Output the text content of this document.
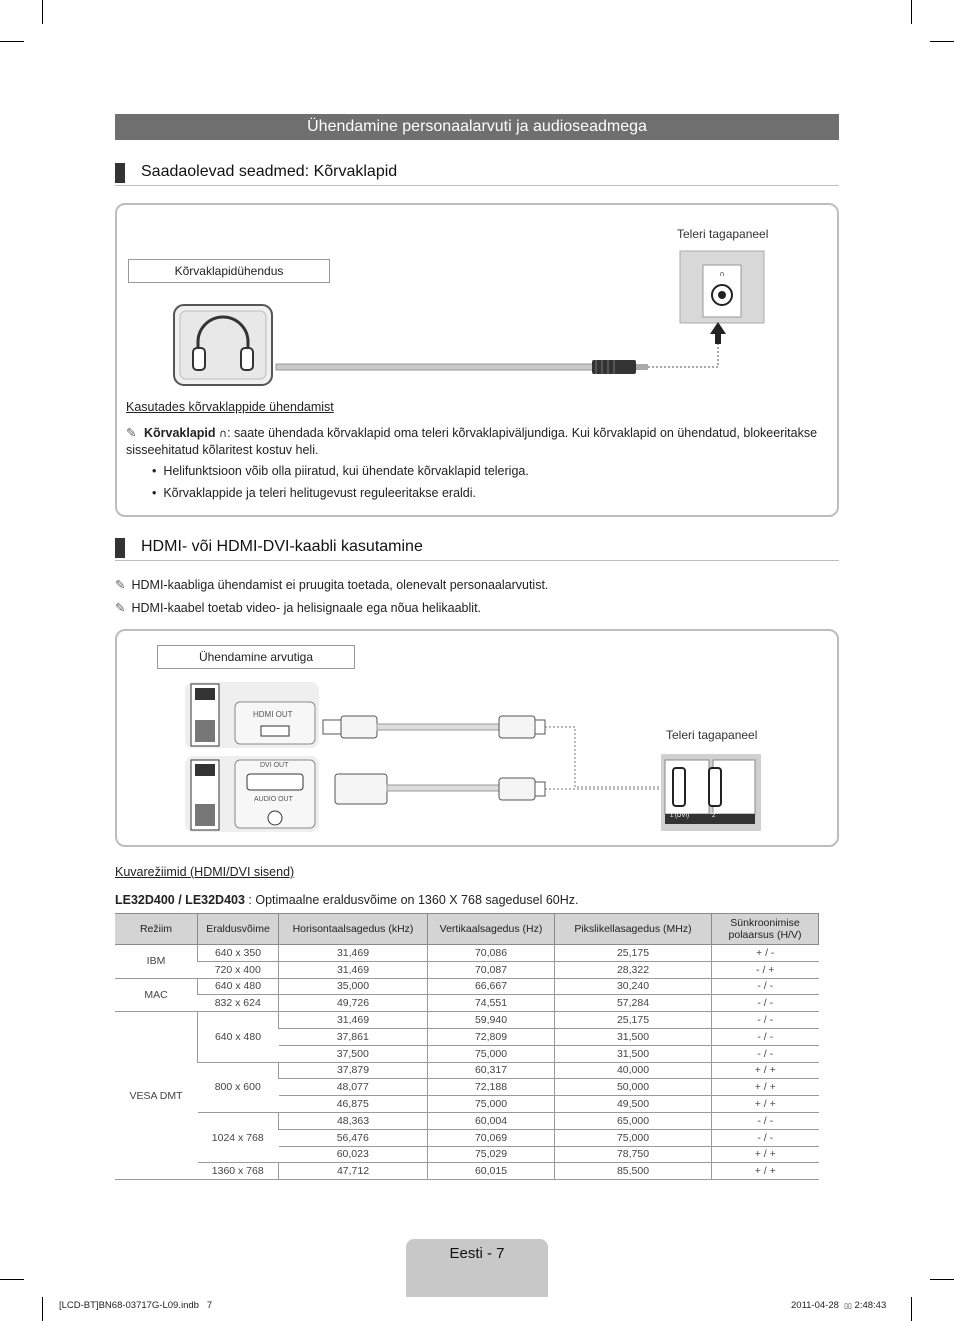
Ühendamine personaalarvuti ja audioseadmega
Saadaolevad seadmed: Kõrvaklapid
Kõrvaklapidühendus
Teleri tagapaneel
∩
Kasutades kõrvaklappide ühendamist
✎ Kõrvaklapid ∩: saate ühendada kõrvaklapid oma teleri kõrvaklapiväljundiga. Kui kõrvaklapid on ühendatud, blokeeritakse sisseehitatud kõlaritest kostuv heli.
•  Helifunktsioon võib olla piiratud, kui ühendate kõrvaklapid teleriga.
•  Kõrvaklappide ja teleri helitugevust reguleeritakse eraldi.
HDMI- või HDMI-DVI-kaabli kasutamine
✎ HDMI-kaabliga ühendamist ei pruugita toetada, olenevalt personaalarvutist.
✎ HDMI-kaabel toetab video- ja helisignaale ega nõua helikaablit.
Ühendamine arvutiga
Teleri tagapaneel
HDMI OUT
DVI OUT
AUDIO OUT
HDMI IN
1 (DVI)	2
Kuvarežiimid (HDMI/DVI sisend)
LE32D400 / LE32D403 : Optimaalne eraldusvõime on 1360 X 768 sagedusel 60Hz.
Režiim	Eraldusvõime	Horisontaalsagedus (kHz)	Vertikaalsagedus (Hz)	Pikslikellasagedus (MHz)	Sünkroonimise polaarsus (H/V)
IBM	640 x 350	31,469	70,086	25,175	+ / -
	720 x 400	31,469	70,087	28,322	- / +
MAC	640 x 480	35,000	66,667	30,240	- / -
	832 x 624	49,726	74,551	57,284	- / -
VESA DMT	640 x 480	31,469	59,940	25,175	- / -
		37,861	72,809	31,500	- / -
		37,500	75,000	31,500	- / -
	800 x 600	37,879	60,317	40,000	+ / +
		48,077	72,188	50,000	+ / +
		46,875	75,000	49,500	+ / +
	1024 x 768	48,363	60,004	65,000	- / -
		56,476	70,069	75,000	- / -
		60,023	75,029	78,750	+ / +
	1360 x 768	47,712	60,015	85,500	+ / +
Eesti - 7
[LCD-BT]BN68-03717G-L09.indb   7	2011-04-28 ▯▯ 2:48:43
